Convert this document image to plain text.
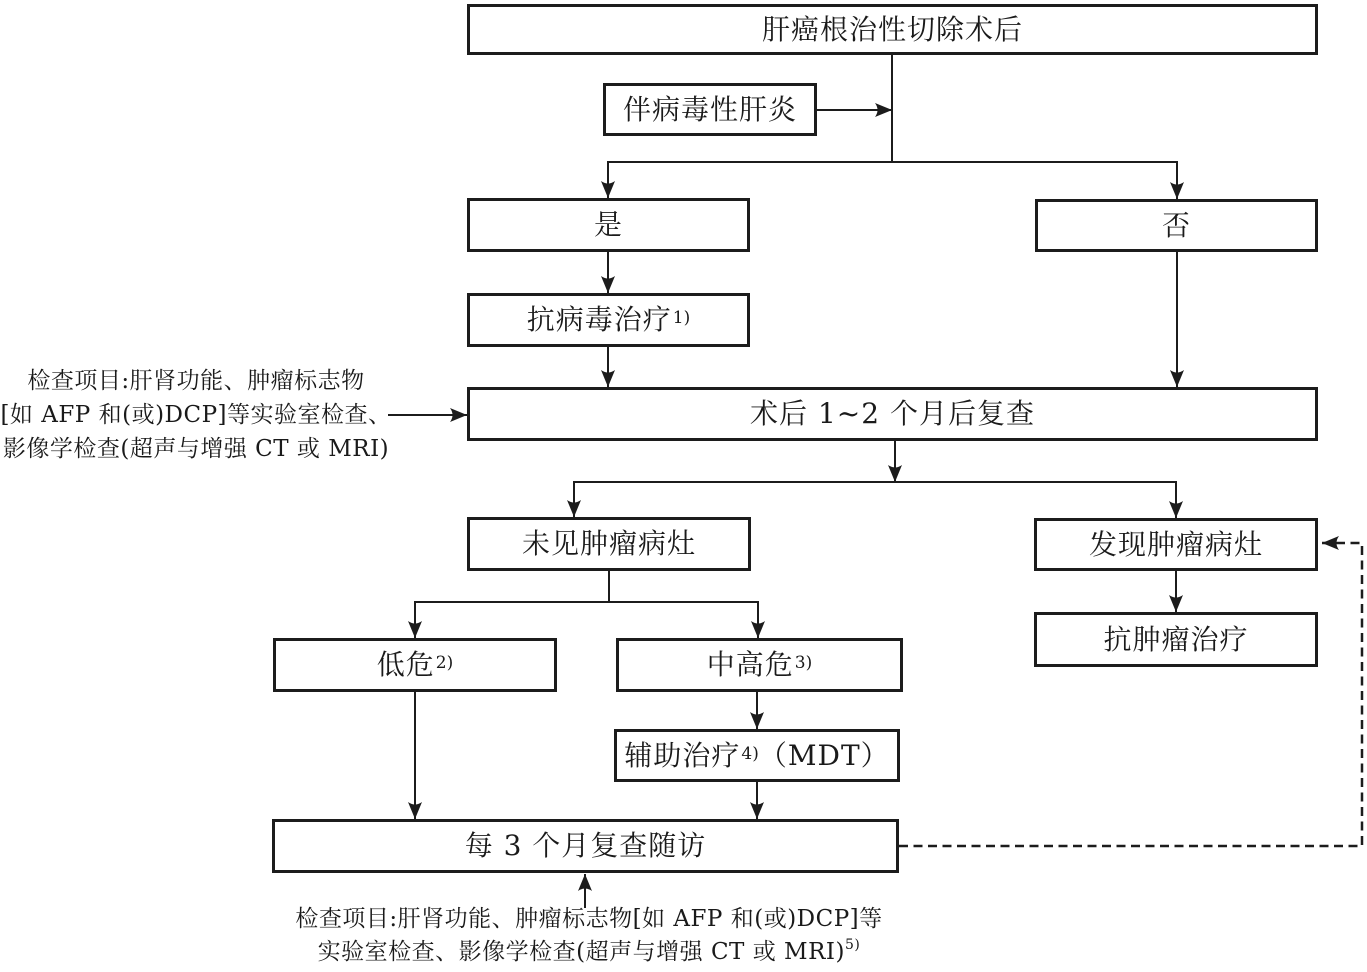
肝癌根治性切除术后
伴病毒性肝炎
是	否
抗病毒治疗$^{1)}$
术后 1~2 个月后复查
未见肿瘤病灶	发现肿瘤病灶
抗肿瘤治疗
低危$^{2)}$	中高危$^{3)}$
辅助治疗$^{4)}$ （MDT）
每 3 个月复查随访
检查项目:肝肾功能、肿瘤标志物
[如 AFP 和(或)DCP]等实验室检查、
影像学检查(超声与增强 CT 或 MRI)
检查项目:肝肾功能、肿瘤标志物[如 AFP 和(或)DCP]等
实验室检查、影像学检查(超声与增强 CT 或 MRI)$^{5)}$
